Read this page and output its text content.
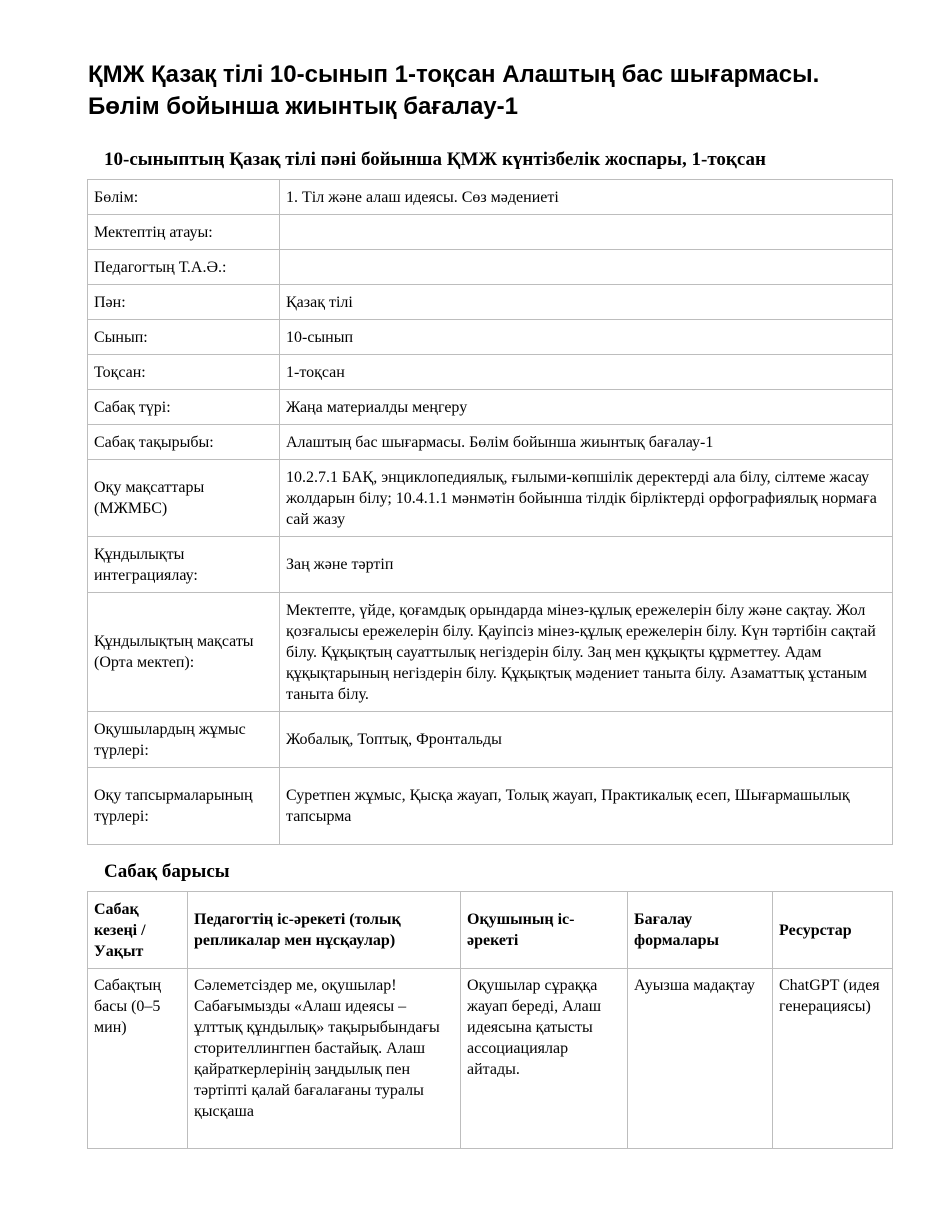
ҚМЖ Қазақ тілі 10-сынып 1-тоқсан Алаштың бас шығармасы. Бөлім бойынша жиынтық бағалау-1
10-сыныптың Қазақ тілі пәні бойынша ҚМЖ күнтізбелік жоспары, 1-тоқсан
Бөлім:	1. Тіл және алаш идеясы. Сөз мәдениеті
Мектептің атауы:	
Педагогтың Т.А.Ә.:	
Пән:	Қазақ тілі
Сынып:	10-сынып
Тоқсан:	1-тоқсан
Сабақ түрі:	Жаңа материалды меңгеру
Сабақ тақырыбы:	Алаштың бас шығармасы. Бөлім бойынша жиынтық бағалау-1
Оқу мақсаттары (МЖМБС)	10.2.7.1 БАҚ, энциклопедиялық, ғылыми-көпшілік деректерді ала білу, сілтеме жасау жолдарын білу; 10.4.1.1 мәнмәтін бойынша тілдік бірліктерді орфографиялық нормаға сай жазу
Құндылықты интеграциялау:	Заң және тәртіп
Құндылықтың мақсаты (Орта мектеп):	Мектепте, үйде, қоғамдық орындарда мінез-құлық ережелерін білу және сақтау. Жол қозғалысы ережелерін білу. Қауіпсіз мінез-құлық ережелерін білу. Күн тәртібін сақтай білу. Құқықтың сауаттылық негіздерін білу. Заң мен құқықты құрметтеу. Адам құқықтарының негіздерін білу. Құқықтық мәдениет таныта білу. Азаматтық ұстаным таныта білу.
Оқушылардың жұмыс түрлері:	Жобалық, Топтық, Фронтальды
Оқу тапсырмаларының түрлері:	Суретпен жұмыс, Қысқа жауап, Толық жауап, Практикалық есеп, Шығармашылық тапсырма
Сабақ барысы
Сабақ кезеңі / Уақыт	Педагогтің іс-әрекеті (толық репликалар мен нұсқаулар)	Оқушының іс-әрекеті	Бағалау формалары	Ресурстар
Сабақтың басы (0–5 мин)	Сәлеметсіздер ме, оқушылар! Сабағымызды «Алаш идеясы – ұлттық құндылық» тақырыбындағы сторителлингпен бастайық. Алаш қайраткерлерінің заңдылық пен тәртіпті қалай бағалағаны туралы қысқаша	Оқушылар сұраққа жауап береді, Алаш идеясына қатысты ассоциациялар айтады.	Ауызша мадақтау	ChatGPT (идея генерациясы)
